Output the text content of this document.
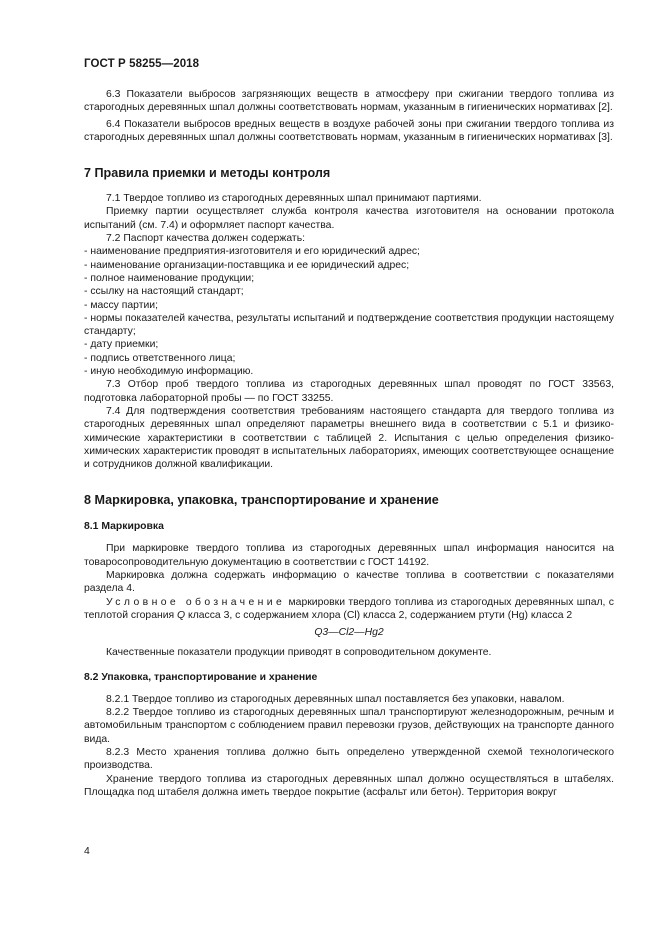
ГОСТ Р 58255—2018

6.3 Показатели выбросов загрязняющих веществ в атмосферу при сжигании твердого топлива из старогодных деревянных шпал должны соответствовать нормам, указанным в гигиенических нормативах [2].

6.4 Показатели выбросов вредных веществ в воздухе рабочей зоны при сжигании твердого топлива из старогодных деревянных шпал должны соответствовать нормам, указанным в гигиенических нормативах [3].

7 Правила приемки и методы контроля

7.1 Твердое топливо из старогодных деревянных шпал принимают партиями.

Приемку партии осуществляет служба контроля качества изготовителя на основании протокола испытаний (см. 7.4) и оформляет паспорт качества.

7.2 Паспорт качества должен содержать:

- наименование предприятия-изготовителя и его юридический адрес;

- наименование организации-поставщика и ее юридический адрес;

- полное наименование продукции;

- ссылку на настоящий стандарт;

- массу партии;

- нормы показателей качества, результаты испытаний и подтверждение соответствия продукции настоящему стандарту;

- дату приемки;

- подпись ответственного лица;

- иную необходимую информацию.

7.3 Отбор проб твердого топлива из старогодных деревянных шпал проводят по ГОСТ 33563, подготовка лабораторной пробы — по ГОСТ 33255.

7.4 Для подтверждения соответствия требованиям настоящего стандарта для твердого топлива из старогодных деревянных шпал определяют параметры внешнего вида в соответствии с 5.1 и физико-химические характеристики в соответствии с таблицей 2. Испытания с целью определения физико-химических характеристик проводят в испытательных лабораториях, имеющих соответствующее оснащение и сотрудников должной квалификации.

8 Маркировка, упаковка, транспортирование и хранение
8.1 Маркировка

При маркировке твердого топлива из старогодных деревянных шпал информация наносится на товаросопроводительную документацию в соответствии с ГОСТ 14192.

Маркировка должна содержать информацию о качестве топлива в соответствии с показателями раздела 4.

Условное обозначение маркировки твердого топлива из старогодных деревянных шпал, с теплотой сгорания Q класса 3, с содержанием хлора (Cl) класса 2, содержанием ртути (Hg) класса 2

Q3—Cl2—Hg2

Качественные показатели продукции приводят в сопроводительном документе.

8.2 Упаковка, транспортирование и хранение

8.2.1 Твердое топливо из старогодных деревянных шпал поставляется без упаковки, навалом.

8.2.2 Твердое топливо из старогодных деревянных шпал транспортируют железнодорожным, речным и автомобильным транспортом с соблюдением правил перевозки грузов, действующих на транспорте данного вида.

8.2.3 Место хранения топлива должно быть определено утвержденной схемой технологического производства.

Хранение твердого топлива из старогодных деревянных шпал должно осуществляться в штабелях. Площадка под штабеля должна иметь твердое покрытие (асфальт или бетон). Территория вокруг

4
